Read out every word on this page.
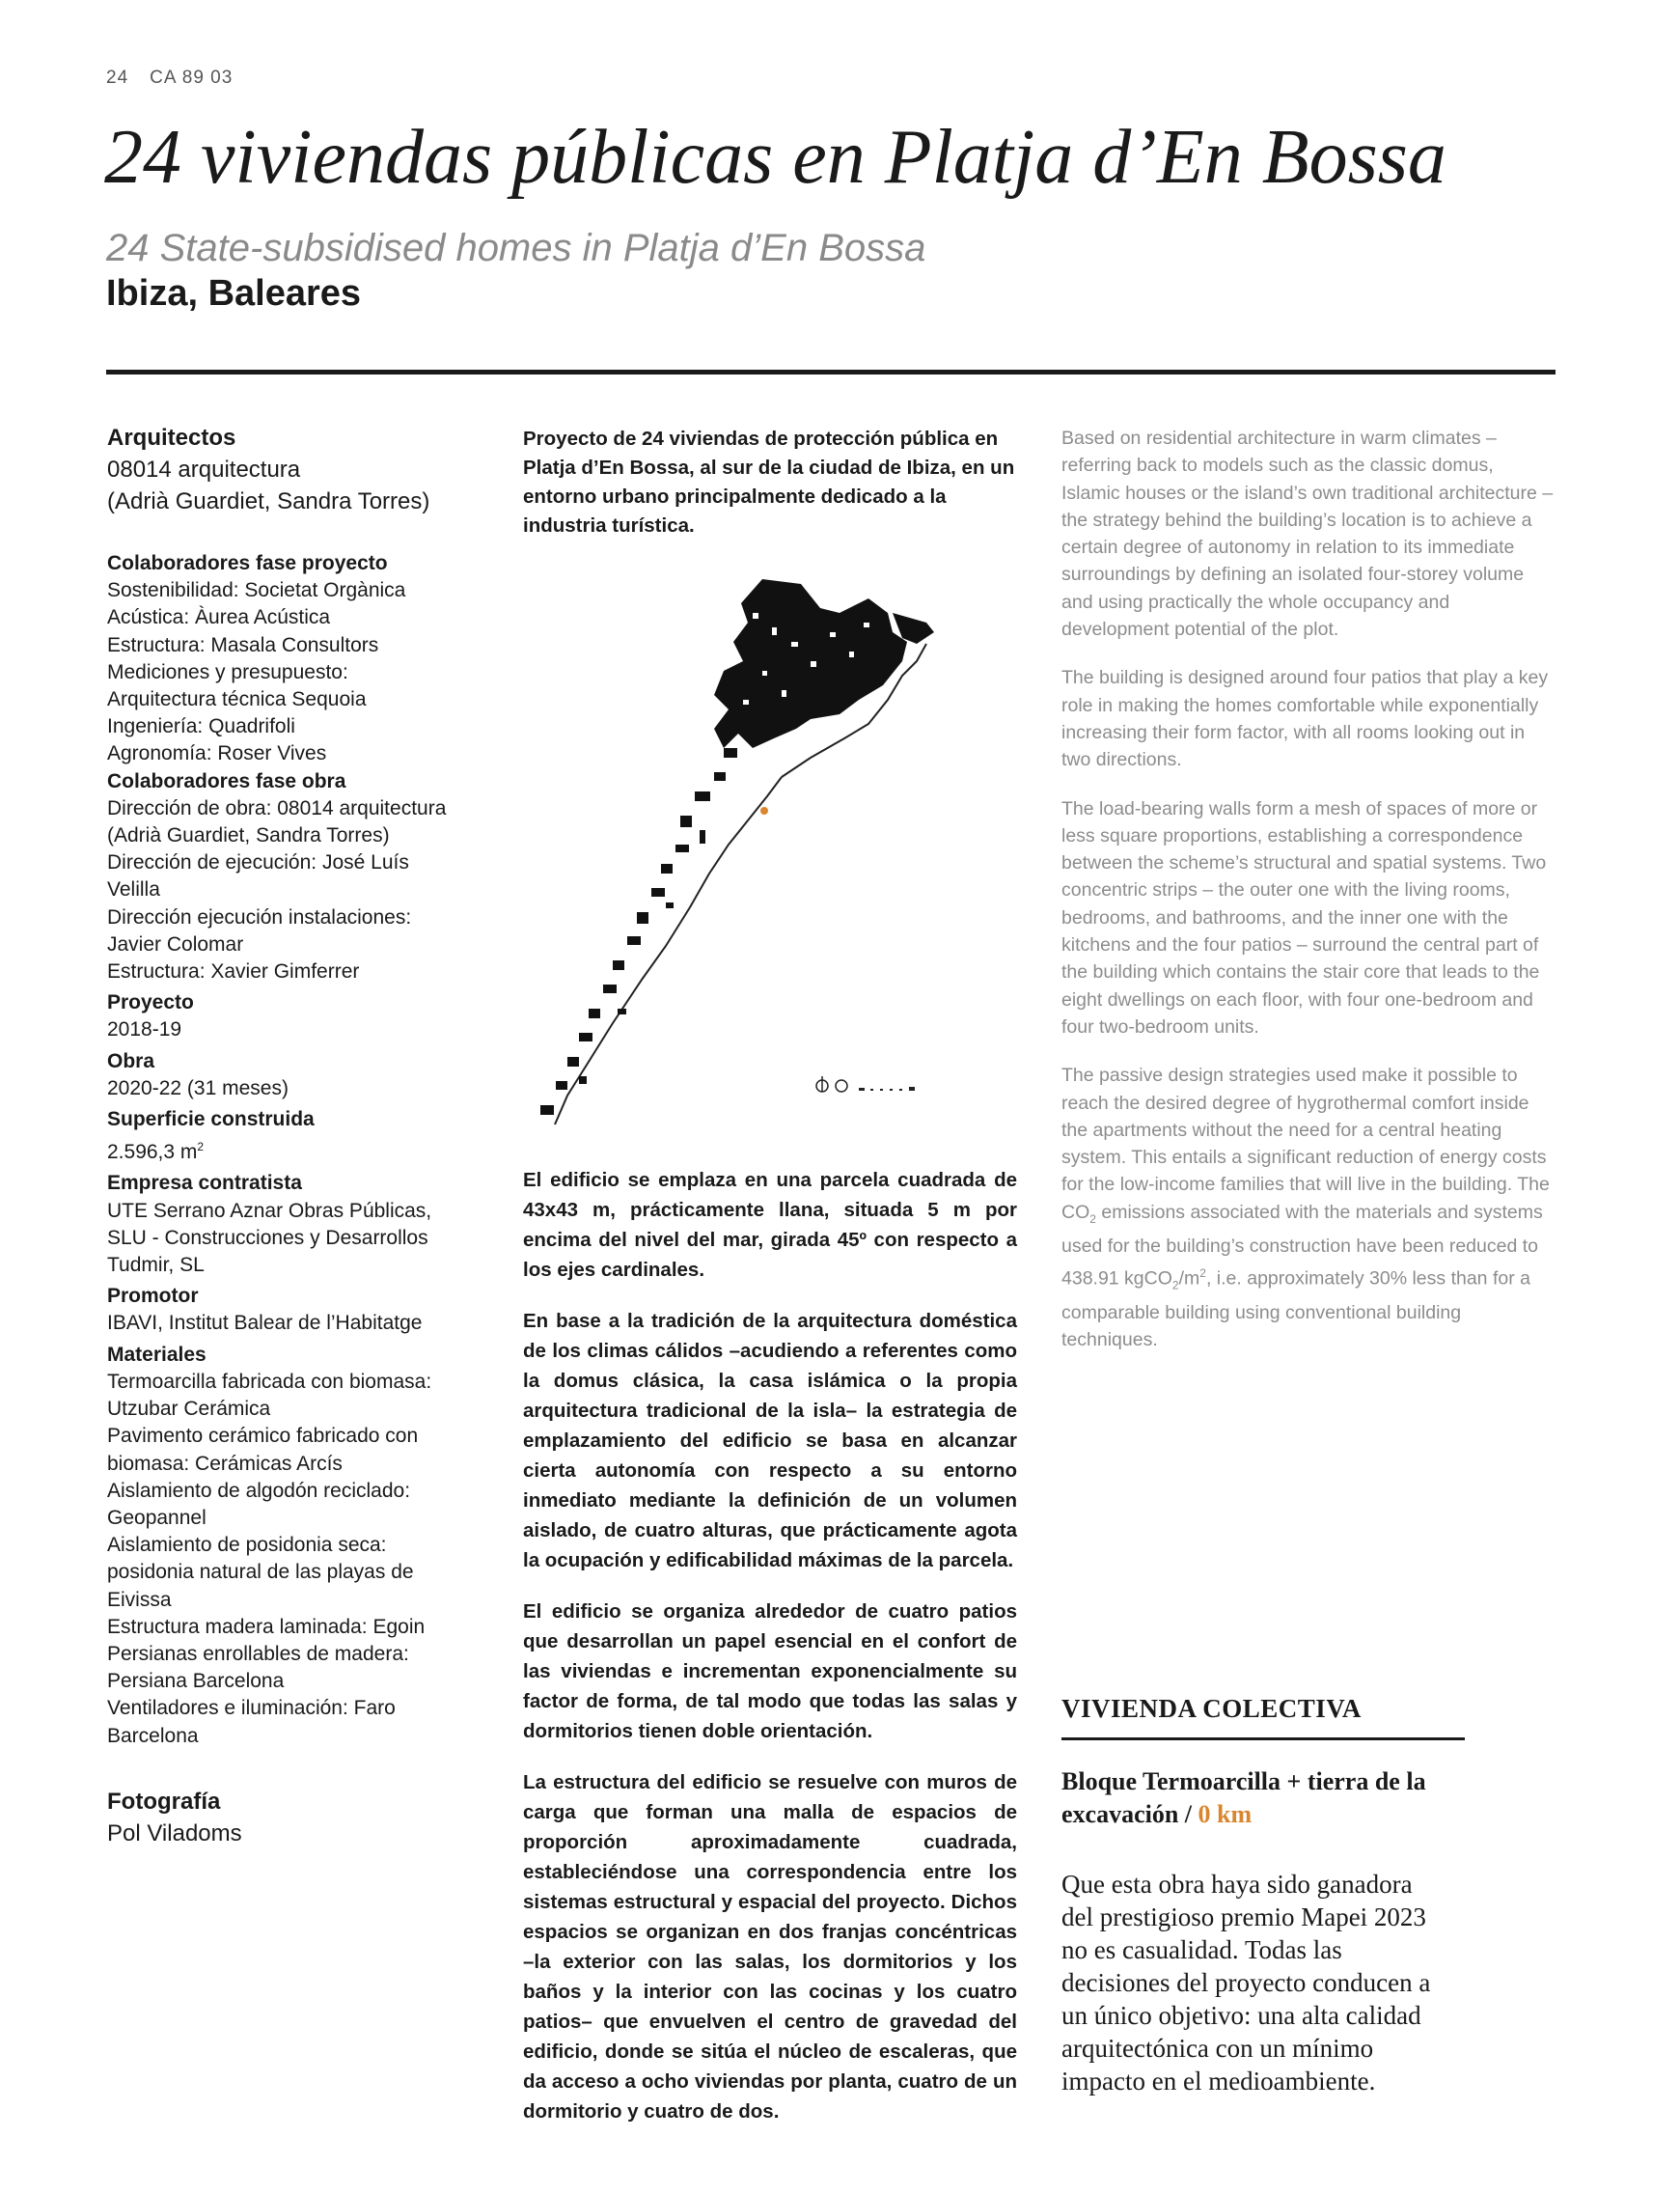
24 CA 89 03
24 viviendas públicas en Platja d’En Bossa
24 State-subsidised homes in Platja d’En Bossa
Ibiza, Baleares
Arquitectos
08014 arquitectura
(Adrià Guardiet, Sandra Torres)
Colaboradores fase proyecto
Sostenibilidad: Societat Orgànica
Acústica: Àurea Acústica
Estructura: Masala Consultors
Mediciones y presupuesto:
Arquitectura técnica Sequoia
Ingeniería: Quadrifoli
Agronomía: Roser Vives
Colaboradores fase obra
Dirección de obra: 08014 arquitectura
(Adrià Guardiet, Sandra Torres)
Dirección de ejecución: José Luís
Velilla
Dirección ejecución instalaciones:
Javier Colomar
Estructura: Xavier Gimferrer
Proyecto
2018-19
Obra
2020-22 (31 meses)
Superficie construida
2.596,3 $m^2$
Empresa contratista
UTE Serrano Aznar Obras Públicas,
SLU - Construcciones y Desarrollos
Tudmir, SL
Promotor
IBAVI, Institut Balear de l’Habitatge
Materiales
Termoarcilla fabricada con biomasa:
Utzubar Cerámica
Pavimento cerámico fabricado con
biomasa: Cerámicas Arcís
Aislamiento de algodón reciclado:
Geopannel
Aislamiento de posidonia seca:
posidonia natural de las playas de
Eivissa
Estructura madera laminada: Egoin
Persianas enrollables de madera:
Persiana Barcelona
Ventiladores e iluminación: Faro
Barcelona
Fotografía
Pol Viladoms
Proyecto de 24 viviendas de protección pública en Platja d’En Bossa, al sur de la ciudad de Ibiza, en un entorno urbano principalmente dedicado a la industria turística.

El edificio se emplaza en una parcela cuadrada de 43x43 m, prácticamente llana, situada 5 m por encima del nivel del mar, girada 45º con respecto a los ejes cardinales.

En base a la tradición de la arquitectura doméstica de los climas cálidos –acudiendo a referentes como la domus clásica, la casa islámica o la propia arquitectura tradicional de la isla– la estrategia de emplazamiento del edificio se basa en alcanzar cierta autonomía con respecto a su entorno inmediato mediante la definición de un volumen aislado, de cuatro alturas, que prácticamente agota la ocupación y edificabilidad máximas de la parcela.

El edificio se organiza alrededor de cuatro patios que desarrollan un papel esencial en el confort de las viviendas e incrementan exponencialmente su factor de forma, de tal modo que todas las salas y dormitorios tienen doble orientación.

La estructura del edificio se resuelve con muros de carga que forman una malla de espacios de proporción aproximadamente cuadrada, estableciéndose una correspondencia entre los sistemas estructural y espacial del proyecto. Dichos espacios se organizan en dos franjas concéntricas –la exterior con las salas, los dormitorios y los baños y la interior con las cocinas y los cuatro patios– que envuelven el centro de gravedad del edificio, donde se sitúa el núcleo de escaleras, que da acceso a ocho viviendas por planta, cuatro de un dormitorio y cuatro de dos.

Based on residential architecture in warm climates – referring back to models such as the classic domus, Islamic houses or the island’s own traditional architecture – the strategy behind the building’s location is to achieve a certain degree of autonomy in relation to its immediate surroundings by defining an isolated four-storey volume and using practically the whole occupancy and development potential of the plot.

The building is designed around four patios that play a key role in making the homes comfortable while exponentially increasing their form factor, with all rooms looking out in two directions.

The load-bearing walls form a mesh of spaces of more or less square proportions, establishing a correspondence between the scheme’s structural and spatial systems. Two concentric strips – the outer one with the living rooms, bedrooms, and bathrooms, and the inner one with the kitchens and the four patios – surround the central part of the building which contains the stair core that leads to the eight dwellings on each floor, with four one-bedroom and four two-bedroom units.

The passive design strategies used make it possible to reach the desired degree of hygrothermal comfort inside the apartments without the need for a central heating system. This entails a significant reduction of energy costs for the low-income families that will live in the building. The $CO_2$ emissions associated with the materials and systems used for the building’s construction have been reduced to 438.91 $kgCO_2/m^2$, i.e. approximately 30% less than for a comparable building using conventional building techniques.

VIVIENDA COLECTIVA
Bloque Termoarcilla + tierra de la excavación / 0 km
Que esta obra haya sido ganadora del prestigioso premio Mapei 2023 no es casualidad. Todas las decisiones del proyecto conducen a un único objetivo: una alta calidad arquitectónica con un mínimo impacto en el medioambiente.
